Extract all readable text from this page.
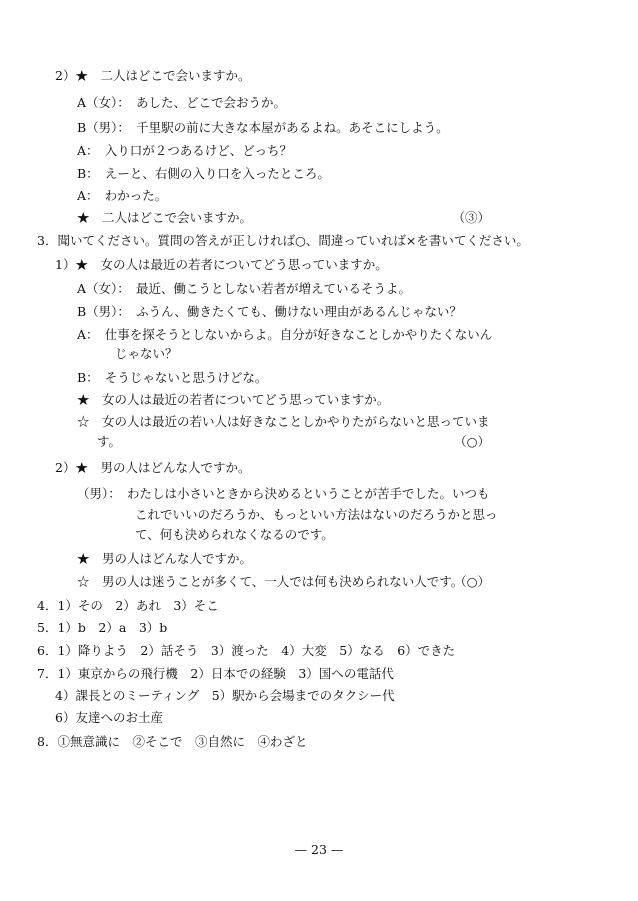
2）★　二人はどこで会いますか。
A（女）：　あした、どこで会おうか。
B（男）：　千里駅の前に大きな本屋があるよね。あそこにしよう。
A：　入り口が２つあるけど、どっち？
B：　えーと、右側の入り口を入ったところ。
A：　わかった。
★　二人はどこで会いますか。	（③）
3．聞いてください。質問の答えが正しければ○、間違っていれば×を書いてください。
1）★　女の人は最近の若者についてどう思っていますか。
A（女）：　最近、働こうとしない若者が増えているそうよ。
B（男）：　ふうん、働きたくても、働けない理由があるんじゃない？
A：　仕事を探そうとしないからよ。自分が好きなことしかやりたくないん
じゃない？
B：　そうじゃないと思うけどな。
★　女の人は最近の若者についてどう思っていますか。
☆　女の人は最近の若い人は好きなことしかやりたがらないと思っていま
す。	（○）
2）★　男の人はどんな人ですか。
（男）：　わたしは小さいときから決めるということが苦手でした。いつも
これでいいのだろうか、もっといい方法はないのだろうかと思っ
て、何も決められなくなるのです。
★　男の人はどんな人ですか。
☆　男の人は迷うことが多くて、一人では何も決められない人です。
（○）
4．1）その　2）あれ　3）そこ
5．1）b　2）a　3）b
6．1）降りよう　2）話そう　3）渡った　4）大変　5）なる　6）できた
7．1）東京からの飛行機　2）日本での経験　3）国への電話代
4）課長とのミーティング　5）駅から会場までのタクシー代
6）友達へのお土産
8．①無意識に　②そこで　③自然に　④わざと
— 23 —
